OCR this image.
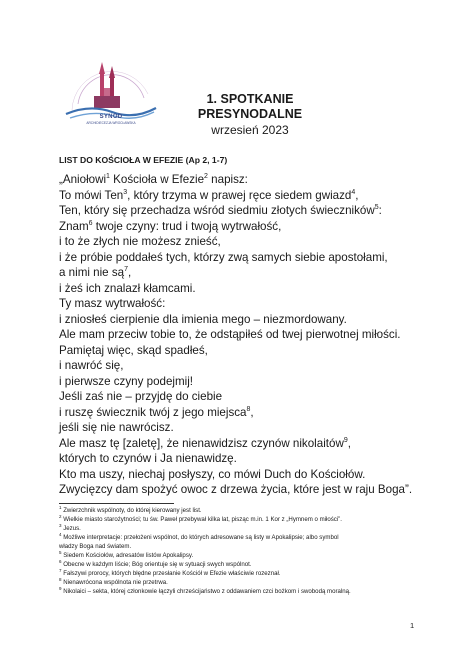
SYNOD
ARCHIDIECEZJA WROCŁAWSKA
1. SPOTKANIE
PRESYNODALNE
wrzesień 2023
LIST DO KOŚCIOŁA W EFEZIE (Ap 2, 1-7)
„Aniołowi$^1$ Kościoła w Efezie$^2$ napisz:
To mówi Ten$^3$, który trzyma w prawej ręce siedem gwiazd$^4$,
Ten, który się przechadza wśród siedmiu złotych świeczników$^5$:
Znam$^6$ twoje czyny: trud i twoją wytrwałość,
i to że złych nie możesz znieść,
i że próbie poddałeś tych, którzy zwą samych siebie apostołami,
a nimi nie $są^7$,
i żeś ich znalazł kłamcami.
Ty masz wytrwałość:
i zniosłeś cierpienie dla imienia mego – niezmordowany.
Ale mam przeciw tobie to, że odstąpiłeś od twej pierwotnej miłości.
Pamiętaj więc, skąd spadłeś,
i nawróć się,
i pierwsze czyny podejmij!
Jeśli zaś nie – przyjdę do ciebie
i ruszę świecznik twój z jego miejsca$^8$,
jeśli się nie nawrócisz.
Ale masz tę [zaletę], że nienawidzisz czynów nikolaitów$^9$,
których to czynów i Ja nienawidzę.
Kto ma uszy, niechaj posłyszy, co mówi Duch do Kościołów.
Zwycięzcy dam spożyć owoc z drzewa życia, które jest w raju Boga”.
$^1$ Zwierzchnik wspólnoty, do której kierowany jest list.
$^2$ Wielkie miasto starożytności; tu św. Paweł przebywał kilka lat, pisząc m.in. 1 Kor z „Hymnem o miłości”.
$^3$ Jezus.
$^4$ Możliwe interpretacje: przełożeni wspólnot, do których adresowane są listy w Apokalipsie; albo symbol
władzy Boga nad światem.
$^5$ Siedem Kościołów, adresatów listów Apokalipsy.
$^6$ Obecne w każdym liście; Bóg orientuje się w sytuacji swych wspólnot.
$^7$ Fałszywi prorocy, których błędne przesłanie Kościół w Efezie właściwie rozeznał.
$^8$ Nienawrócona wspólnota nie przetrwa.
$^9$ Nikolaici – sekta, której członkowie łączyli chrześcijaństwo z oddawaniem czci bożkom i swobodą moralną.
1
